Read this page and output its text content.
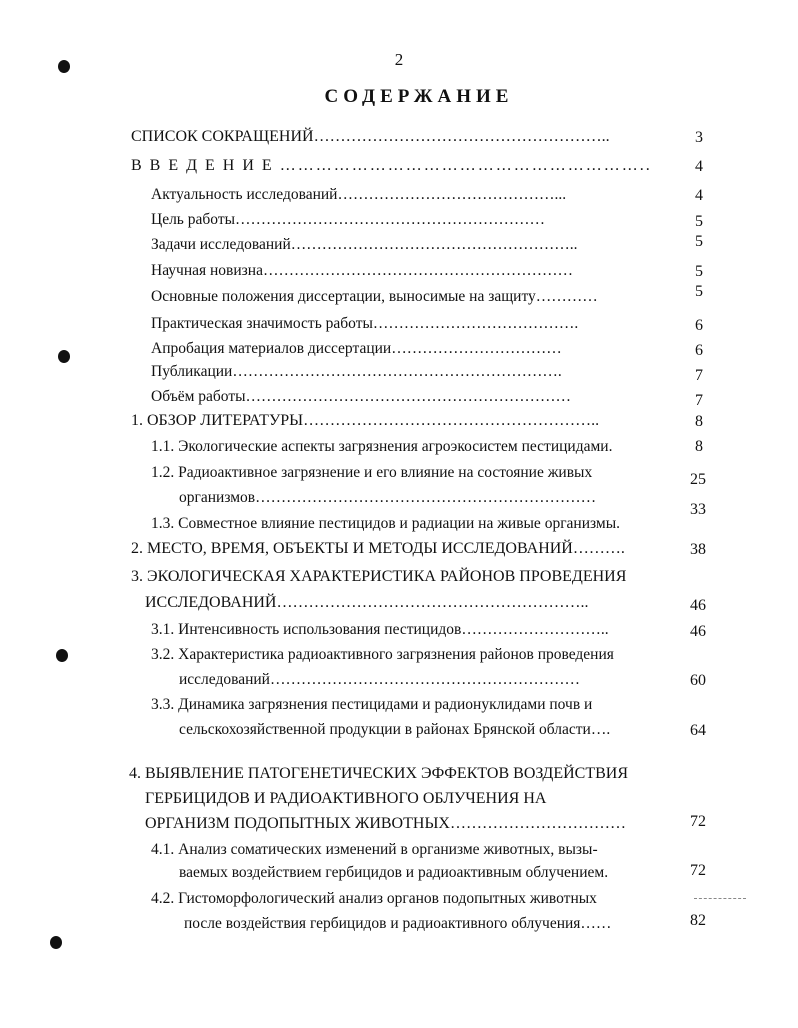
2
СОДЕРЖАНИЕ
СПИСОК СОКРАЩЕНИЙ………………………………………………..
В В Е Д Е Н И Е ……………………………………………………..
Актуальность исследований……………………………………...
Цель работы……………………………………………………
Задачи исследований………………………………………………..
Научная новизна……………………………………………………
Основные положения диссертации, выносимые на защиту…………
Практическая значимость работы………………………………….
Апробация материалов диссертации……………………………
Публикации……………………………………………………….
Объём работы………………………………………………………
1. ОБЗОР ЛИТЕРАТУРЫ………………………………………………..
1.1. Экологические аспекты загрязнения агроэкосистем пестицидами.
1.2. Радиоактивное загрязнение и его влияние на состояние живых
организмов…………………………………………………………
1.3. Совместное влияние пестицидов и радиации на живые организмы.
2. МЕСТО, ВРЕМЯ, ОБЪЕКТЫ И МЕТОДЫ ИССЛЕДОВАНИЙ……….
3. ЭКОЛОГИЧЕСКАЯ ХАРАКТЕРИСТИКА РАЙОНОВ ПРОВЕДЕНИЯ
ИССЛЕДОВАНИЙ…………………………………………………..
3.1. Интенсивность использования пестицидов………………………..
3.2. Характеристика радиоактивного загрязнения районов проведения
исследований……………………………………………………
3.3. Динамика загрязнения пестицидами и радионуклидами почв и
сельскохозяйственной продукции в районах Брянской области….
4. ВЫЯВЛЕНИЕ ПАТОГЕНЕТИЧЕСКИХ ЭФФЕКТОВ ВОЗДЕЙСТВИЯ
ГЕРБИЦИДОВ И РАДИОАКТИВНОГО ОБЛУЧЕНИЯ НА
ОРГАНИЗМ ПОДОПЫТНЫХ ЖИВОТНЫХ……………………………
4.1. Анализ соматических изменений в организме животных, вызы-
ваемых воздействием гербицидов и радиоактивным облучением.
4.2. Гистоморфологический анализ органов подопытных животных
после воздействия гербицидов и радиоактивного облучения……
3
4
4
5
5
5
5
6
6
7
7
8
8
25
33
38
46
46
60
64
72
72
82
